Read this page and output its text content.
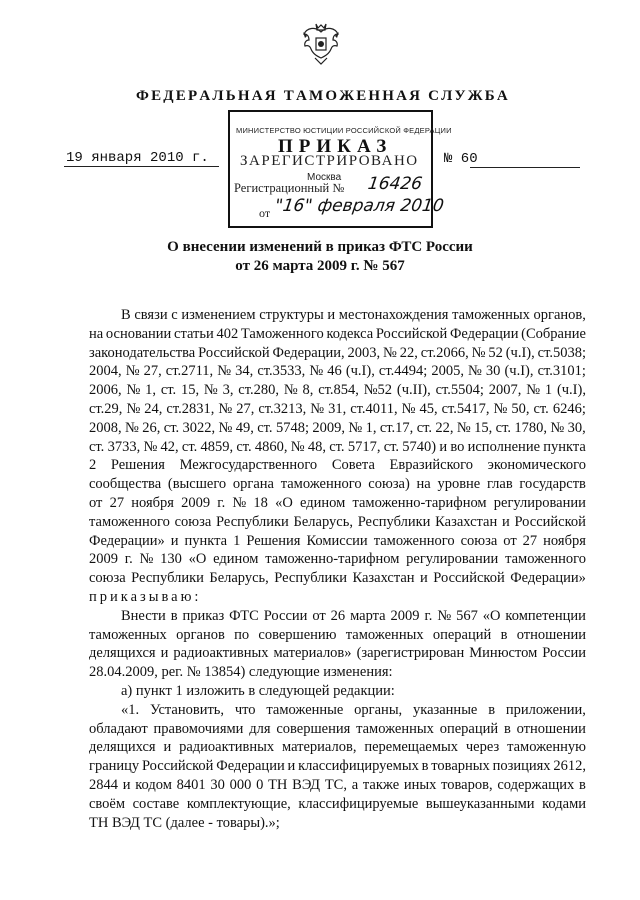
Ф Е Д Е Р А Л Ь Н А Я
Т А М О Ж Е Н Н А Я
С Л У Ж Б А
19 января 2010 г.
ПРИКАЗ
№ 60
МИНИСТЕРСТВО ЮСТИЦИИ РОССИЙСКОЙ ФЕДЕРАЦИИ
ЗАРЕГИСТРИРОВАНО
Москва
Регистрационный № 16426
от "16" февраля 2010
О внесении изменений в приказ ФТС России
от 26 марта 2009 г. № 567
В связи с изменением структуры и местонахождения таможенных органов,
на основании статьи 402 Таможенного кодекса Российской Федерации (Собрание
законодательства Российской Федерации, 2003, № 22, ст.2066, № 52 (ч.I), ст.5038;
2004, № 27, ст.2711, № 34, ст.3533, № 46 (ч.I), ст.4494; 2005, № 30 (ч.I), ст.3101;
2006, № 1, ст. 15, № 3, ст.280, № 8, ст.854, №52 (ч.II), ст.5504; 2007, № 1 (ч.I),
ст.29, № 24, ст.2831, № 27, ст.3213, № 31, ст.4011, № 45, ст.5417, № 50, ст. 6246;
2008, № 26, ст. 3022, № 49, ст. 5748; 2009, № 1, ст.17, ст. 22, № 15, ст. 1780, № 30,
ст. 3733, № 42, ст. 4859, ст. 4860, № 48, ст. 5717, ст. 5740) и во исполнение пункта
2 Решения Межгосударственного Совета Евразийского экономического
сообщества (высшего органа таможенного союза) на уровне глав государств
от 27 ноября 2009 г. № 18 «О едином таможенно-тарифном регулировании
таможенного союза Республики Беларусь, Республики Казахстан и Российской
Федерации» и пункта 1 Решения Комиссии таможенного союза от 27 ноября
2009 г. № 130 «О едином таможенно-тарифном регулировании таможенного
союза Республики Беларусь, Республики Казахстан и Российской Федерации»
приказываю:
Внести в приказ ФТС России от 26 марта 2009 г. № 567 «О компетенции
таможенных органов по совершению таможенных операций в отношении
делящихся и радиоактивных материалов» (зарегистрирован Минюстом России
28.04.2009, рег. № 13854) следующие изменения:
а) пункт 1 изложить в следующей редакции:
«1. Установить, что таможенные органы, указанные в приложении,
обладают правомочиями для совершения таможенных операций в отношении
делящихся и радиоактивных материалов, перемещаемых через таможенную
границу Российской Федерации и классифицируемых в товарных позициях 2612,
2844 и кодом 8401 30 000 0 ТН ВЭД ТС, а также иных товаров, содержащих в
своём составе комплектующие, классифицируемые вышеуказанными кодами
ТН ВЭД ТС (далее - товары).»;
